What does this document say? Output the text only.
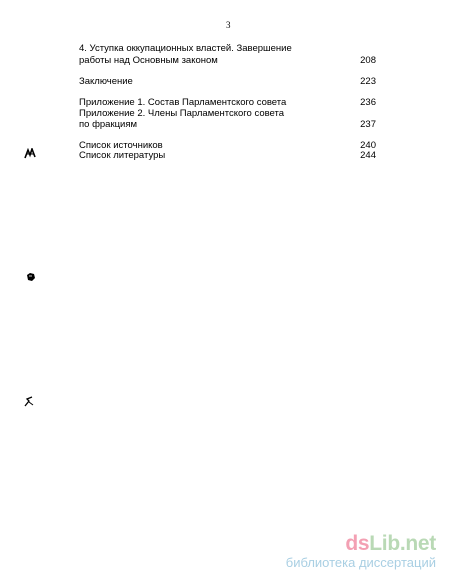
3
4. Уступка оккупационных властей. Завершение
работы над Основным законом	208
Заключение	223
Приложение 1. Состав Парламентского совета	236
Приложение 2. Члены Парламентского совета
по фракциям	237
Список источников	240
Список литературы	244
dsLib.net
библиотека диссертаций
